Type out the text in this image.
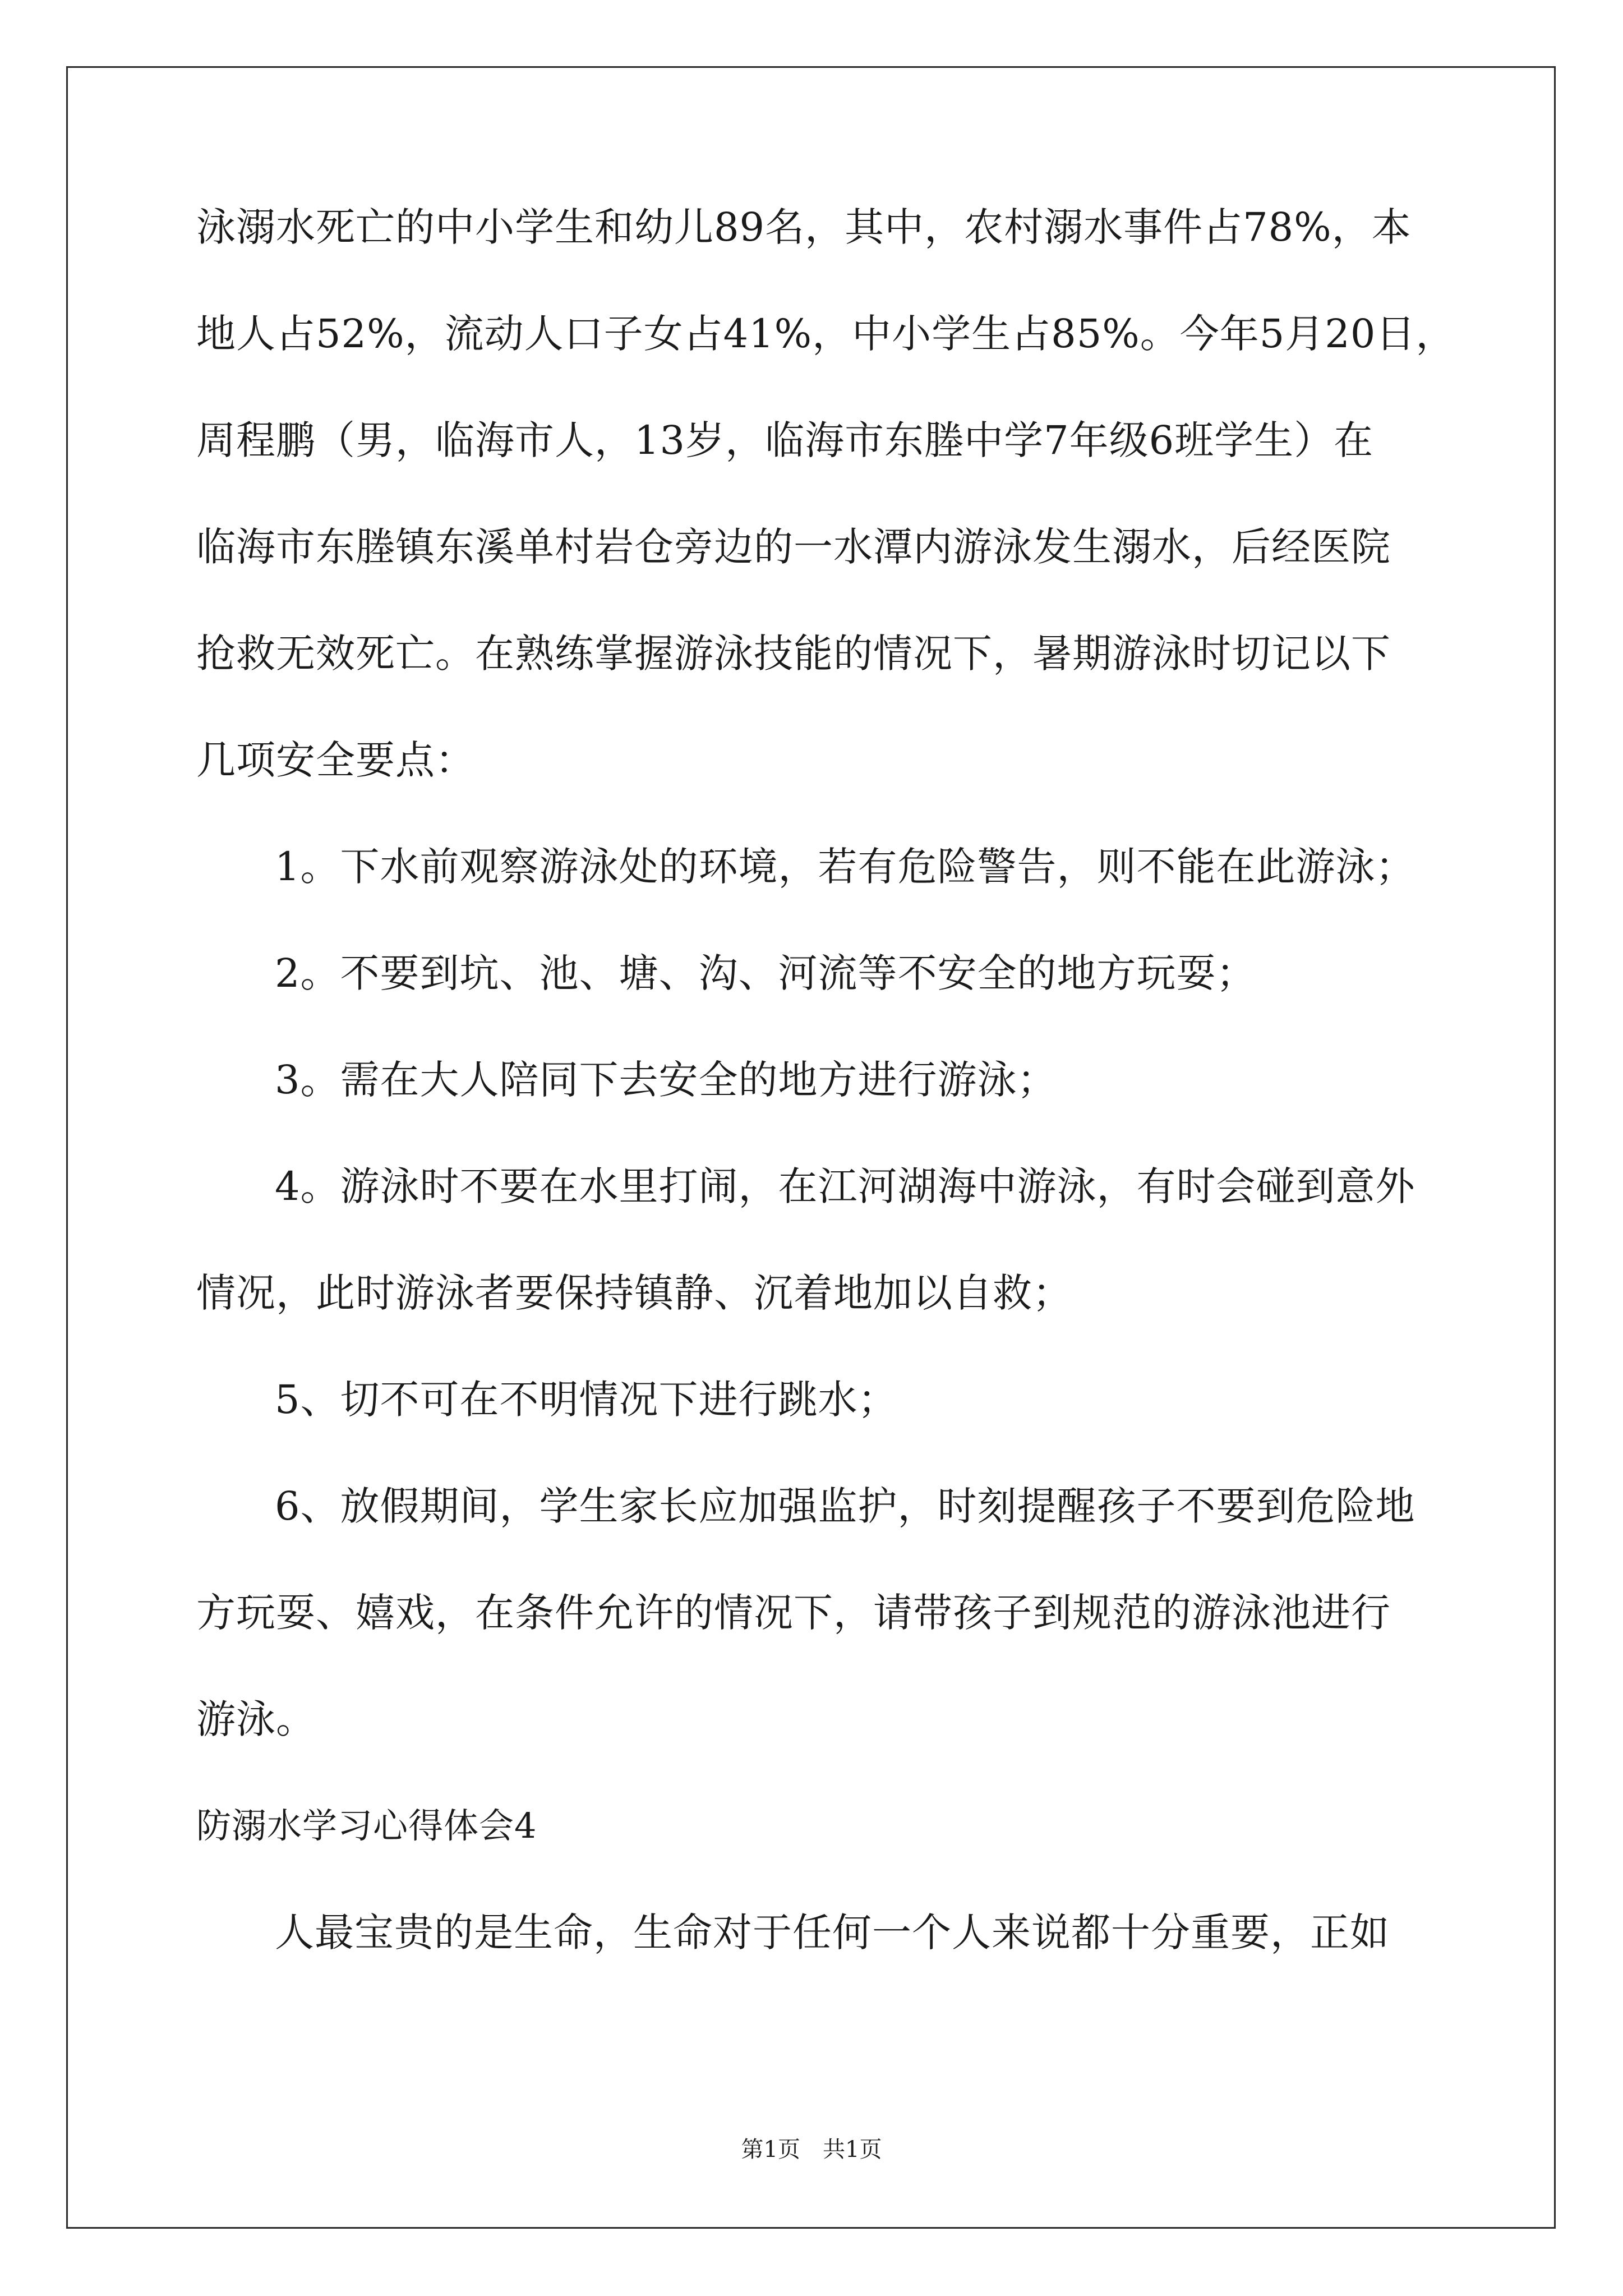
泳溺水死亡的中小学生和幼儿89名，其中，农村溺水事件占78%，本
地人占52%，流动人口子女占41%，中小学生占85%。今年5月20日，
周程鹏（男，临海市人，13岁，临海市东塍中学7年级6班学生）在
临海市东塍镇东溪单村岩仓旁边的一水潭内游泳发生溺水，后经医院
抢救无效死亡。在熟练掌握游泳技能的情况下，暑期游泳时切记以下
几项安全要点：
1。下水前观察游泳处的环境，若有危险警告，则不能在此游泳；
2。不要到坑、池、塘、沟、河流等不安全的地方玩耍；
3。需在大人陪同下去安全的地方进行游泳；
4。游泳时不要在水里打闹，在江河湖海中游泳，有时会碰到意外
情况，此时游泳者要保持镇静、沉着地加以自救；
5、切不可在不明情况下进行跳水；
6、放假期间，学生家长应加强监护，时刻提醒孩子不要到危险地
方玩耍、嬉戏，在条件允许的情况下，请带孩子到规范的游泳池进行
游泳。
防溺水学习心得体会4
人最宝贵的是生命，生命对于任何一个人来说都十分重要，正如
第1页　共1页
